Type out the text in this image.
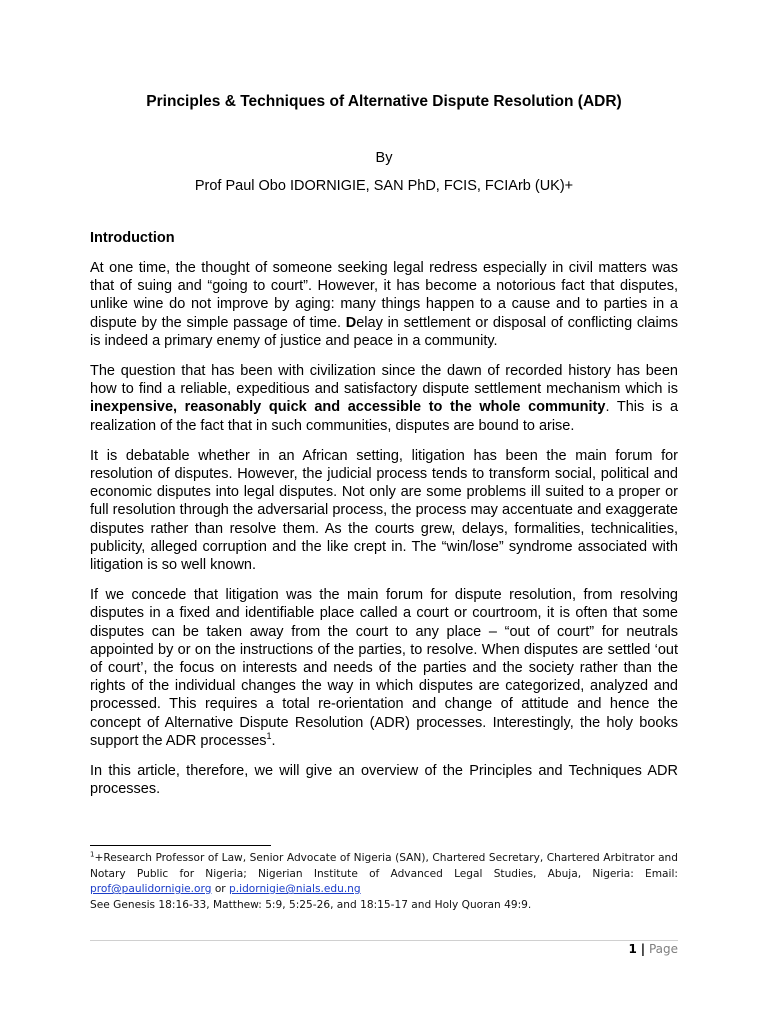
Principles & Techniques of Alternative Dispute Resolution (ADR)
By
Prof Paul Obo IDORNIGIE, SAN PhD, FCIS, FCIArb (UK)+
Introduction

At one time, the thought of someone seeking legal redress especially in civil matters was that of suing and “going to court”. However, it has become a notorious fact that disputes, unlike wine do not improve by aging: many things happen to a cause and to parties in a dispute by the simple passage of time. Delay in settlement or disposal of conflicting claims is indeed a primary enemy of justice and peace in a community.

The question that has been with civilization since the dawn of recorded history has been how to find a reliable, expeditious and satisfactory dispute settlement mechanism which is inexpensive, reasonably quick and accessible to the whole community. This is a realization of the fact that in such communities, disputes are bound to arise.

It is debatable whether in an African setting, litigation has been the main forum for resolution of disputes. However, the judicial process tends to transform social, political and economic disputes into legal disputes. Not only are some problems ill suited to a proper or full resolution through the adversarial process, the process may accentuate and exaggerate disputes rather than resolve them. As the courts grew, delays, formalities, technicalities, publicity, alleged corruption and the like crept in. The “win/lose” syndrome associated with litigation is so well known.

If we concede that litigation was the main forum for dispute resolution, from resolving disputes in a fixed and identifiable place called a court or courtroom, it is often that some disputes can be taken away from the court to any place – “out of court” for neutrals appointed by or on the instructions of the parties, to resolve. When disputes are settled ‘out of court’, the focus on interests and needs of the parties and the society rather than the rights of the individual changes the way in which disputes are categorized, analyzed and processed. This requires a total re-orientation and change of attitude and hence the concept of Alternative Dispute Resolution (ADR) processes. Interestingly, the holy books support the ADR processes$^1$.

In this article, therefore, we will give an overview of the Principles and Techniques ADR processes.

$^1$+Research Professor of Law, Senior Advocate of Nigeria (SAN), Chartered Secretary, Chartered Arbitrator and Notary Public for Nigeria; Nigerian Institute of Advanced Legal Studies, Abuja, Nigeria: Email: prof@paulidornigie.org or p.idornigie@nials.edu.ng

See Genesis 18:16-33, Matthew: 5:9, 5:25-26, and 18:15-17 and Holy Quoran 49:9.

1 | Page
